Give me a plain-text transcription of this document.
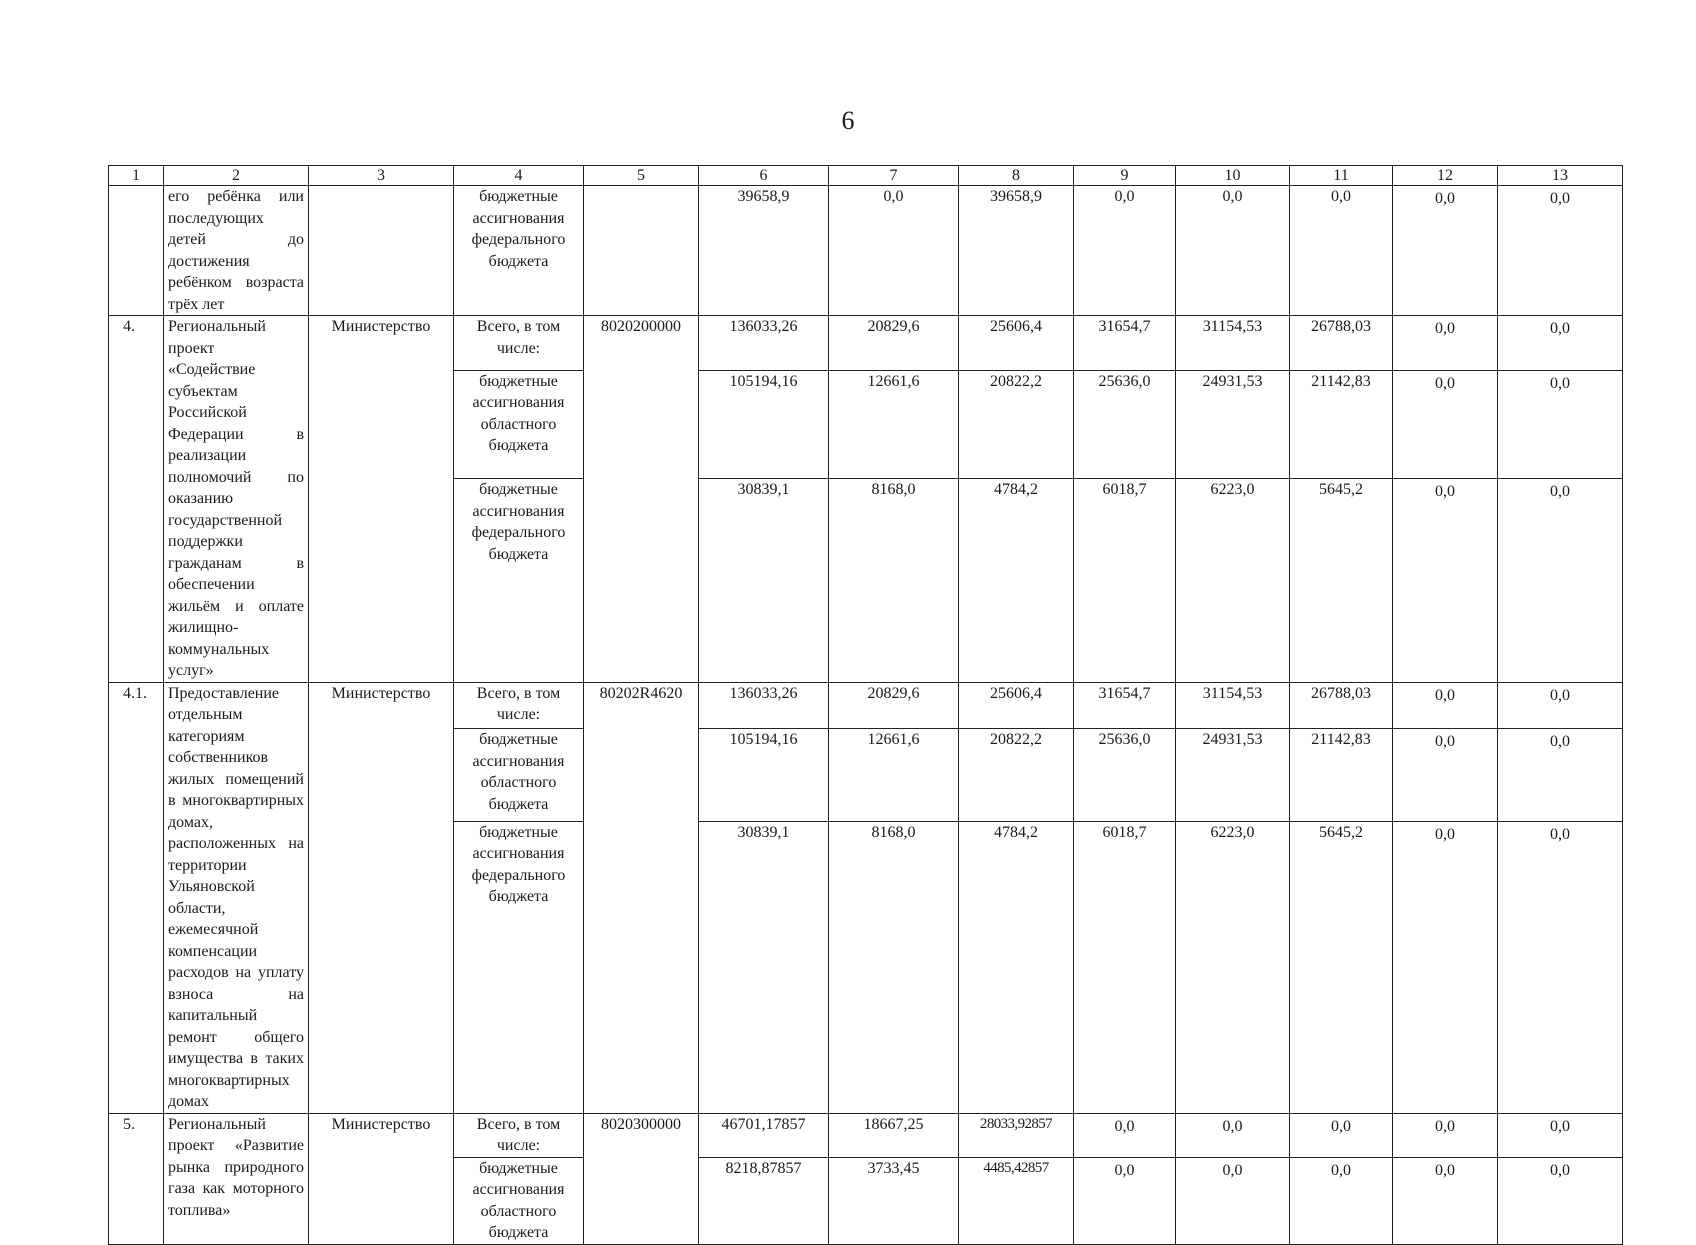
6
1	2	3	4	5	6	7	8	9	10	11	12	13
	его ребёнка или последующих детей до достижения ребёнком возраста трёх лет		бюджетные ассигнования федерального бюджета		39658,9	0,0	39658,9	0,0	0,0	0,0	0,0	0,0
4.	Региональный проект «Содействие субъектам Российской Федерации в реализации полномочий по оказанию государственной поддержки гражданам в обеспечении жильём и оплате жилищно-коммунальных услуг»	Министерство	Всего, в том числе:	8020200000	136033,26	20829,6	25606,4	31654,7	31154,53	26788,03	0,0	0,0
			бюджетные ассигнования областного бюджета		105194,16	12661,6	20822,2	25636,0	24931,53	21142,83	0,0	0,0
			бюджетные ассигнования федерального бюджета		30839,1	8168,0	4784,2	6018,7	6223,0	5645,2	0,0	0,0
4.1.	Предоставление отдельным категориям собственников жилых помещений в многоквартирных домах, расположенных на территории Ульяновской области, ежемесячной компенсации расходов на уплату взноса на капитальный ремонт общего имущества в таких многоквартирных домах	Министерство	Всего, в том числе:	80202R4620	136033,26	20829,6	25606,4	31654,7	31154,53	26788,03	0,0	0,0
			бюджетные ассигнования областного бюджета		105194,16	12661,6	20822,2	25636,0	24931,53	21142,83	0,0	0,0
			бюджетные ассигнования федерального бюджета		30839,1	8168,0	4784,2	6018,7	6223,0	5645,2	0,0	0,0
5.	Региональный проект «Развитие рынка природного газа как моторного топлива»	Министерство	Всего, в том числе:	8020300000	46701,17857	18667,25	28033,92857	0,0	0,0	0,0	0,0	0,0
			бюджетные ассигнования областного бюджета		8218,87857	3733,45	4485,42857	0,0	0,0	0,0	0,0	0,0
